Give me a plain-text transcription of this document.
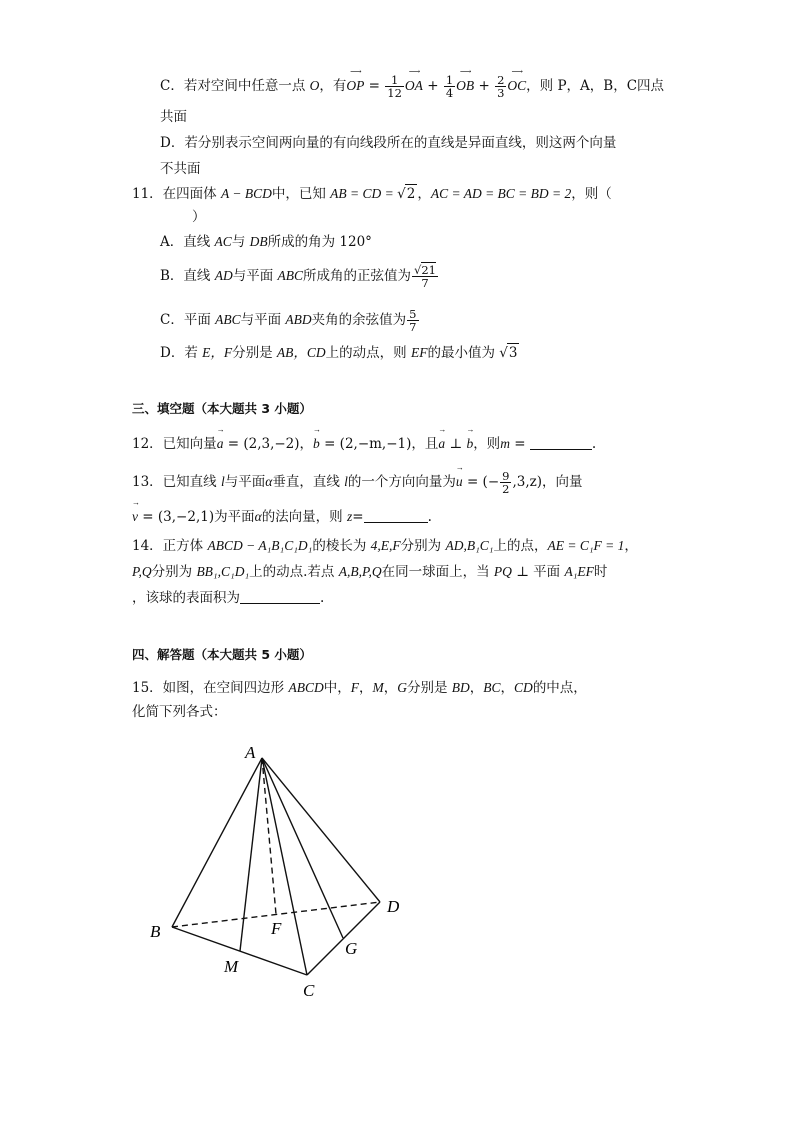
C．若对空间中任意一点 O，有
⟶
OP = $\frac{1}{12}$
⟶
OA + $\frac{1}{4}$
⟶
OB + $\frac{2}{3}$
⟶
OC，则 P，A，B，C四点
共面
D．若分别表示空间两向量的有向线段所在的直线是异面直线，则这两个向量
不共面
11．在四面体 A − BCD中，已知 AB = CD = √2 ，AC = AD = BC = BD = 2，则（
）
A．直线 AC与 DB所成的角为 120°
B．直线 AD与平面 ABC所成角的正弦值为 $\frac{√21}{7}$
C．平面 ABC与平面 ABD夹角的余弦值为 $\frac{5}{7}$
D．若 E，F分别是 AB，CD上的动点，则 EF的最小值为 √3
三、填空题（本大题共 3 小题）
12．已知向量
→
a = (2,3,−2)，
→
b = (2,−m,−1)，且
→
a ⊥
→
b，则m =	.
13．已知直线 l与平面α垂直，直线 l的一个方向向量为
→
u = (− $\frac{9}{2} ,3,z$)，向量
→
v = (3,−2,1)为平面α的法向量，则 z=	.
14．正方体 ABCD − A₁B₁C₁D₁的棱长为 4,E,F分别为 AD,B₁C₁上的点，AE = C₁F = 1，
P,Q分别为 BB₁,C₁D₁上的动点.若点 A,B,P,Q在同一球面上，当 PQ ⊥ 平面 A₁EF时
，该球的表面积为	.
四、解答题（本大题共 5 小题）
15．如图，在空间四边形 ABCD中，F，M，G分别是 BD，BC，CD的中点，
化简下列各式：
A
B
C
D
F
M
G
